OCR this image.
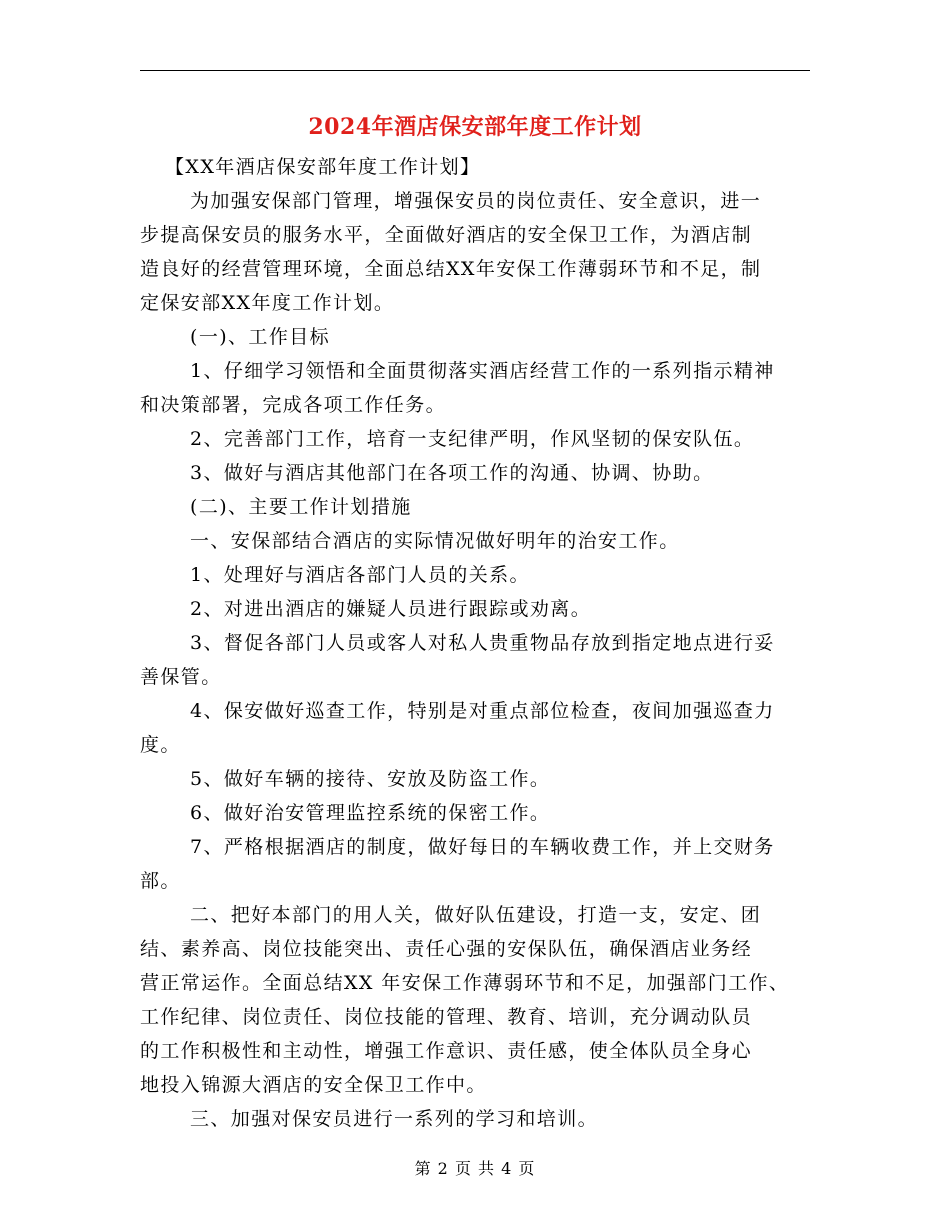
2024年酒店保安部年度工作计划
【XX年酒店保安部年度工作计划】
为加强安保部门管理，增强保安员的岗位责任、安全意识，进一
步提高保安员的服务水平，全面做好酒店的安全保卫工作，为酒店制
造良好的经营管理环境，全面总结XX年安保工作薄弱环节和不足，制
定保安部XX年度工作计划。
(一)、工作目标
1、仔细学习领悟和全面贯彻落实酒店经营工作的一系列指示精神
和决策部署，完成各项工作任务。
2、完善部门工作，培育一支纪律严明，作风坚韧的保安队伍。
3、做好与酒店其他部门在各项工作的沟通、协调、协助。
(二)、主要工作计划措施
一、安保部结合酒店的实际情况做好明年的治安工作。
1、处理好与酒店各部门人员的关系。
2、对进出酒店的嫌疑人员进行跟踪或劝离。
3、督促各部门人员或客人对私人贵重物品存放到指定地点进行妥
善保管。
4、保安做好巡查工作，特别是对重点部位检查，夜间加强巡查力
度。
5、做好车辆的接待、安放及防盗工作。
6、做好治安管理监控系统的保密工作。
7、严格根据酒店的制度，做好每日的车辆收费工作，并上交财务
部。
二、把好本部门的用人关，做好队伍建设，打造一支，安定、团
结、素养高、岗位技能突出、责任心强的安保队伍，确保酒店业务经
营正常运作。全面总结XX 年安保工作薄弱环节和不足，加强部门工作、
工作纪律、岗位责任、岗位技能的管理、教育、培训，充分调动队员
的工作积极性和主动性，增强工作意识、责任感，使全体队员全身心
地投入锦源大酒店的安全保卫工作中。
三、加强对保安员进行一系列的学习和培训。
第 2 页 共 4 页
